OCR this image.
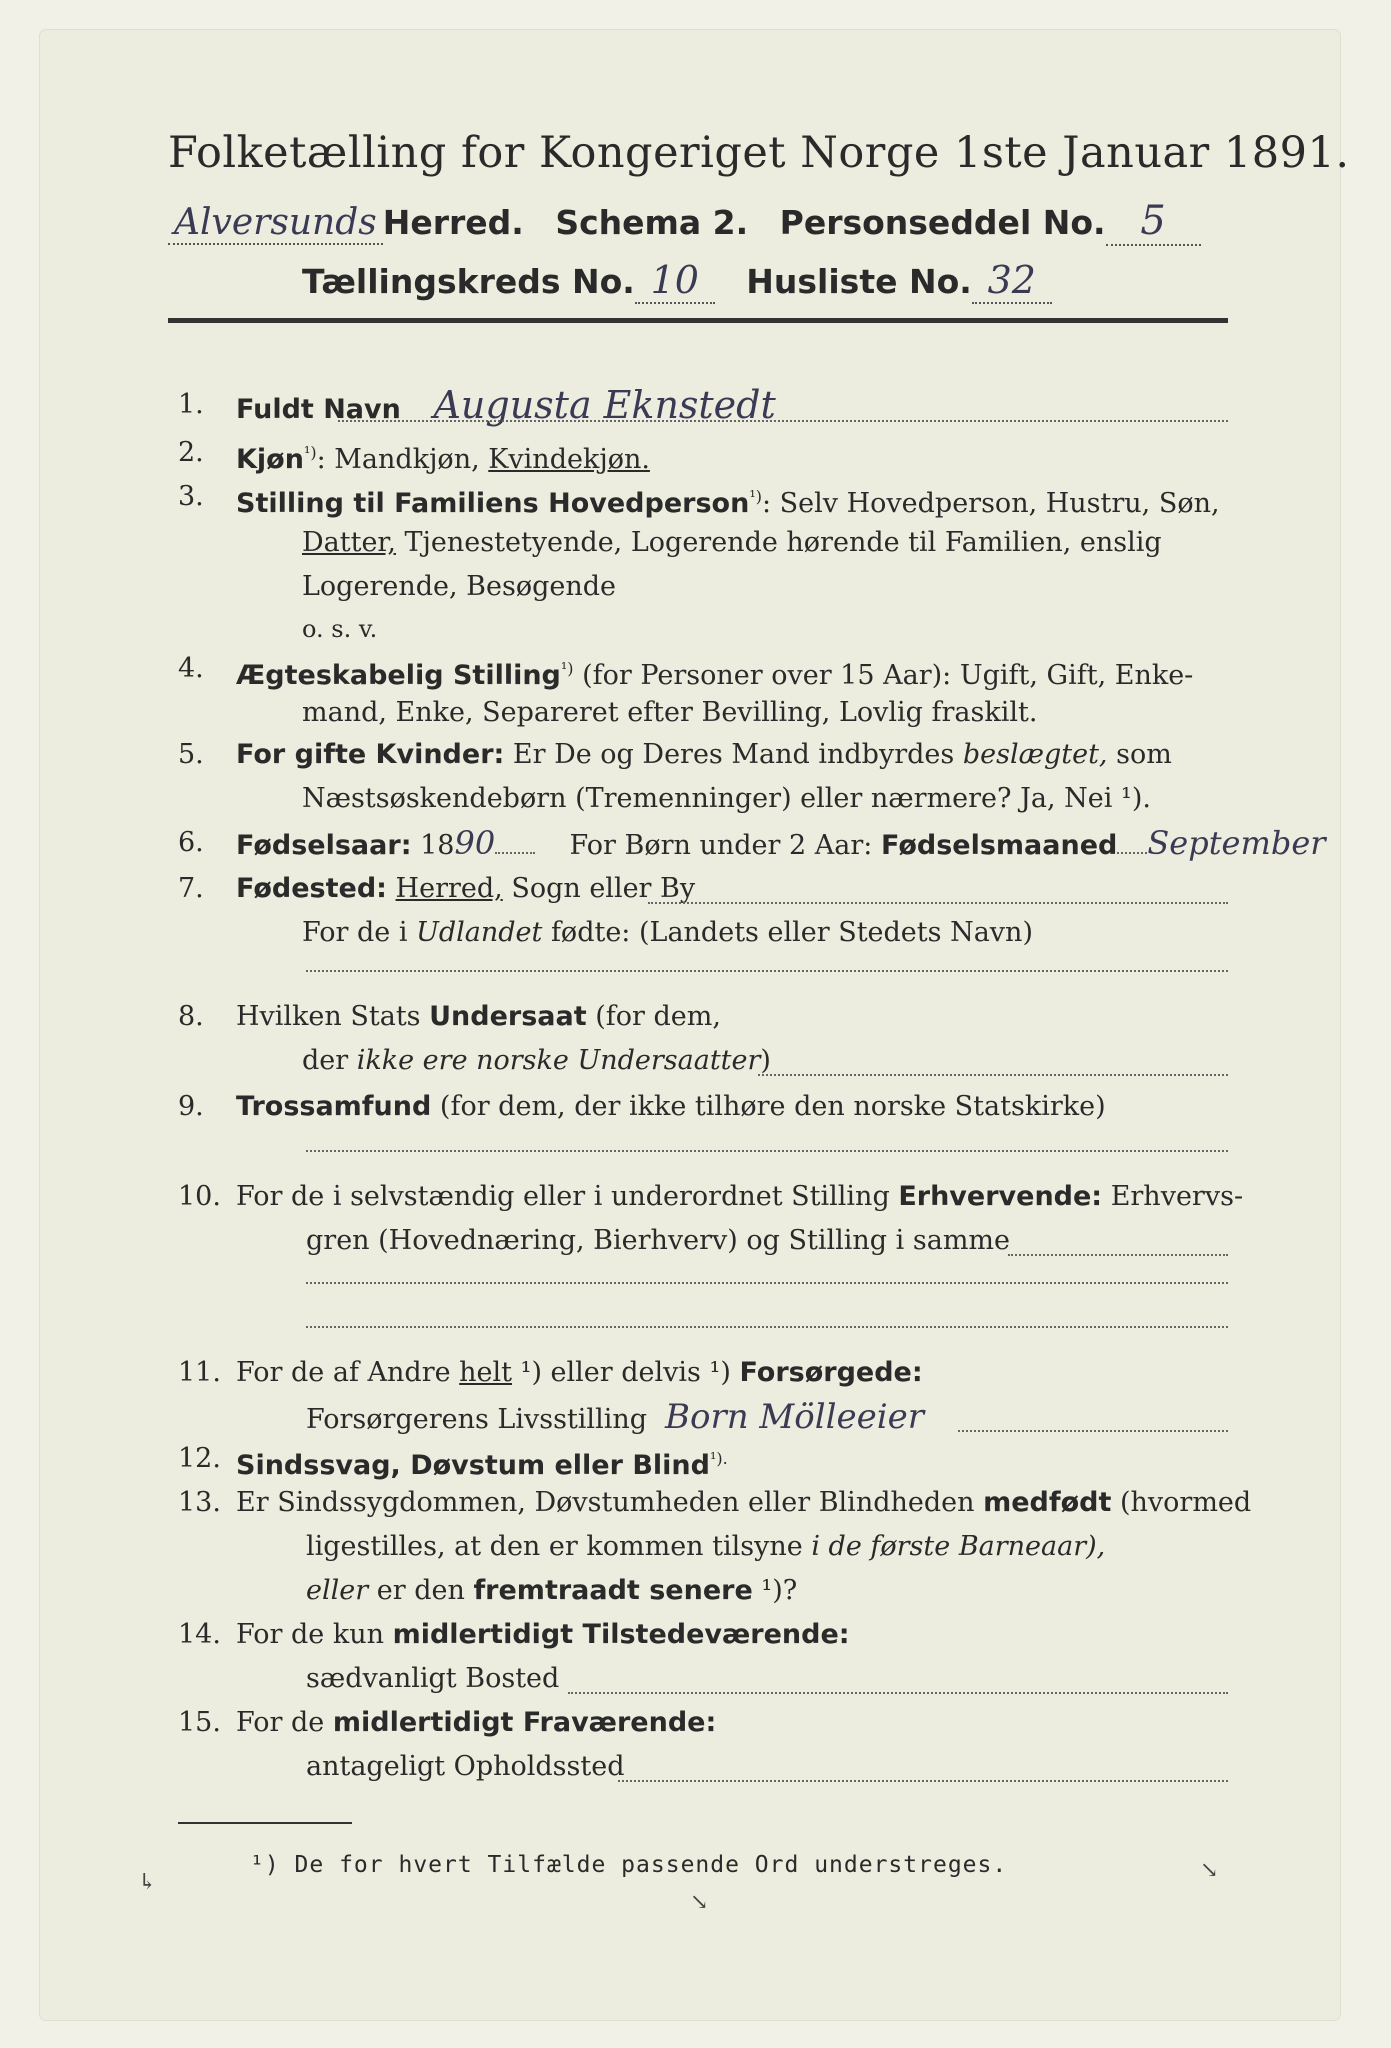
Folketælling for Kongeriget Norge 1ste Januar 1891.
Alversunds Herred. Schema 2. Personseddel No. 5
Tællingskreds No. 10 Husliste No. 32
1.	Fuldt Navn Augusta Eknstedt
2.	Kjøn$^{^1)}$: Mandkjøn, Kvindekjøn.
3.	Stilling til Familiens Hovedperson$^{^1)}$: Selv Hovedperson, Hustru, Søn,
Datter, Tjenestetyende, Logerende hørende til Familien, enslig
Logerende, Besøgende
o. s. v.
4.	Ægteskabelig Stilling$^{^1)}$ (for Personer over 15 Aar): Ugift, Gift, Enke-
mand, Enke, Separeret efter Bevilling, Lovlig fraskilt.
5.	For gifte Kvinder: Er De og Deres Mand indbyrdes beslægtet, som
Næstsøskendebørn (Tremenninger) eller nærmere? Ja, Nei ¹).
6.	Fødselsaar: 1890	For Børn under 2 Aar: Fødselsmaaned September
7.	Fødested: Herred, Sogn eller By
For de i Udlandet fødte: (Landets eller Stedets Navn)
8.	Hvilken Stats Undersaat (for dem,
der ikke ere norske Undersaatter)
9.	Trossamfund (for dem, der ikke tilhøre den norske Statskirke)
10. For de i selvstændig eller i underordnet Stilling Erhvervende: Erhvervs-
gren (Hovednæring, Bierhverv) og Stilling i samme
11. For de af Andre helt ¹) eller delvis ¹) Forsørgede:
Forsørgerens Livsstilling Born Mölleeier
12. Sindssvag, Døvstum eller Blind$^{^1).}$
13. Er Sindssygdommen, Døvstumheden eller Blindheden medfødt (hvormed
ligestilles, at den er kommen tilsyne i de første Barneaar),
eller er den fremtraadt senere ¹)?
14. For de kun midlertidigt Tilstedeværende:
sædvanligt Bosted
15. For de midlertidigt Fraværende:
antageligt Opholdssted
¹) De for hvert Tilfælde passende Ord understreges.
↳
↘
↘
